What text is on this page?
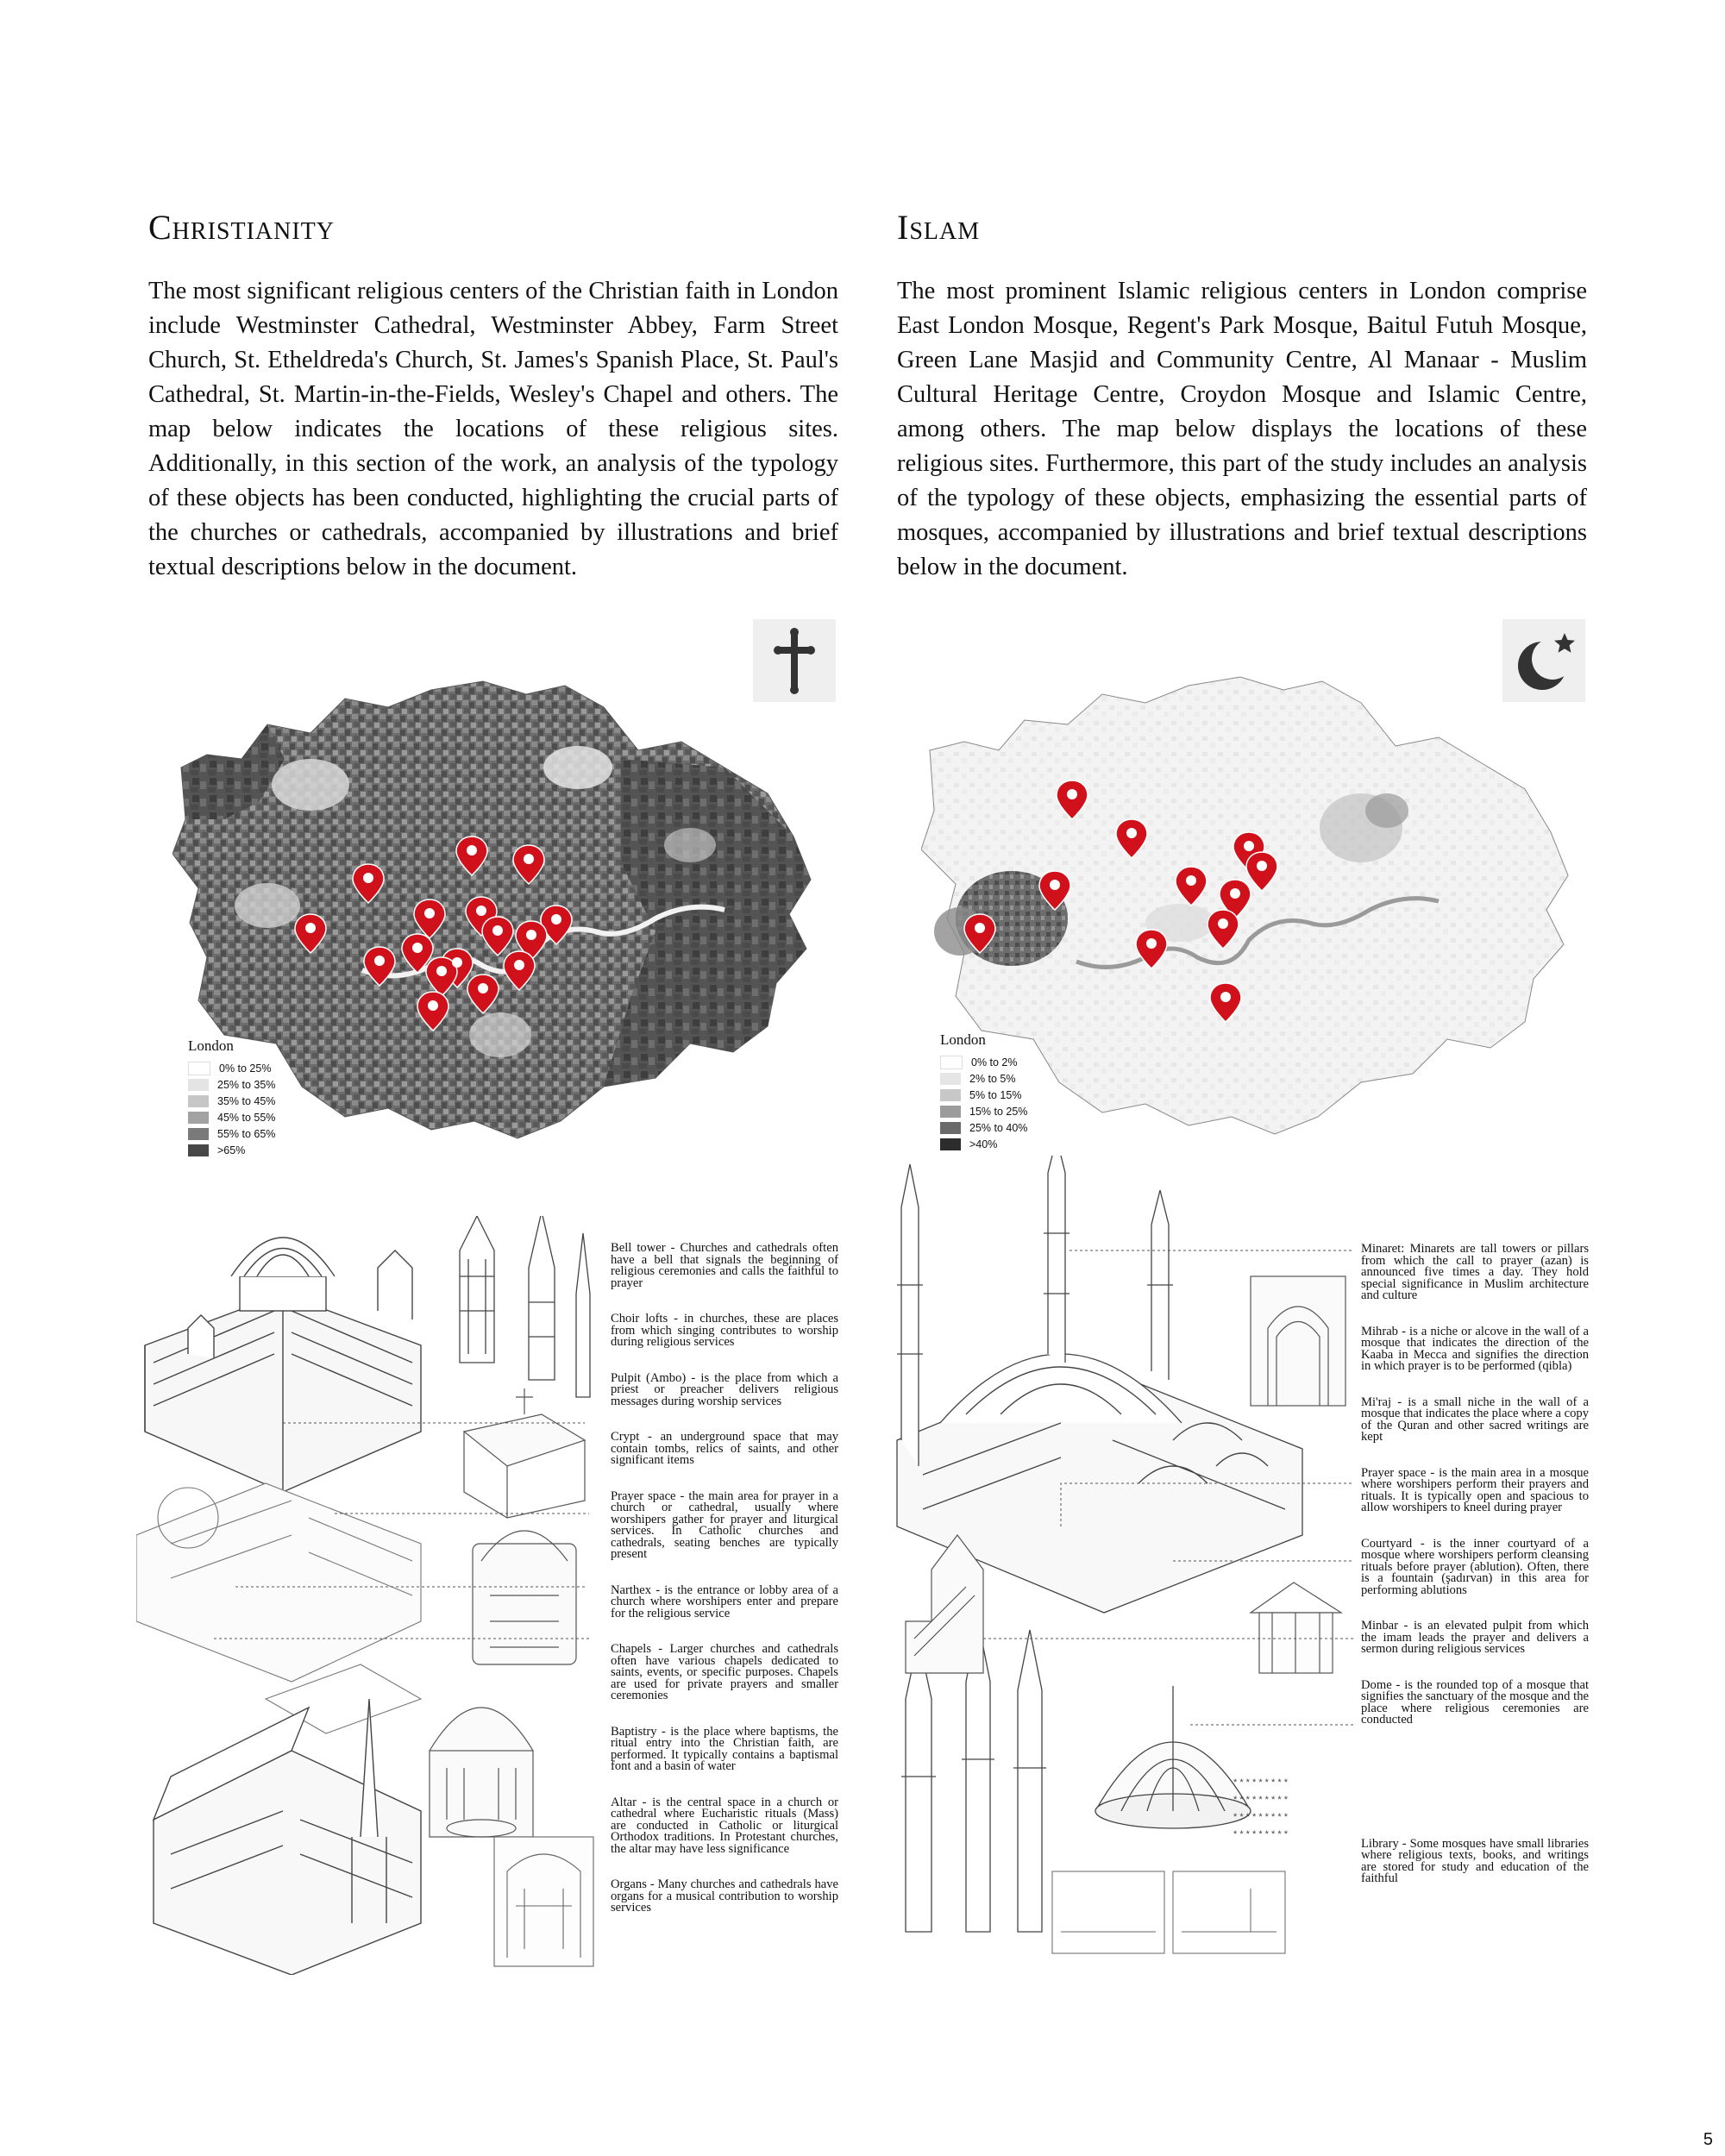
Christianity

The most significant religious centers of the Christian faith in London include Westminster Cathedral, Westminster Abbey, Farm Street Church, St. Etheldreda's Church, St. James's Spanish Place, St. Paul's Cathedral, St. Martin-in-the-Fields, Wesley's Chapel and others. The map below indicates the locations of these religious sites. Additionally, in this section of the work, an analysis of the typology of these objects has been conducted, highlighting the crucial parts of the churches or cathedrals, accompanied by illustrations and brief textual descriptions below in the document.

London
0% to 25%
25% to 35%
35% to 45%
45% to 55%
55% to 65%
>65%

Bell tower - Churches and cathedrals often have a bell that signals the beginning of religious ceremonies and calls the faithful to prayer

Choir lofts - in churches, these are places from which singing contributes to worship during religious services

Pulpit (Ambo) - is the place from which a priest or preacher delivers religious messages during worship services

Crypt - an underground space that may contain tombs, relics of saints, and other significant items

Prayer space - the main area for prayer in a church or cathedral, usually where worshipers gather for prayer and liturgical services. In Catholic churches and cathedrals, seating benches are typically present

Narthex - is the entrance or lobby area of a church where worshipers enter and prepare for the religious service

Chapels - Larger churches and cathedrals often have various chapels dedicated to saints, events, or specific purposes. Chapels are used for private prayers and smaller ceremonies

Baptistry - is the place where baptisms, the ritual entry into the Christian faith, are performed. It typically contains a baptismal font and a basin of water

Altar - is the central space in a church or cathedral where Eucharistic rituals (Mass) are conducted in Catholic or liturgical Orthodox traditions. In Protestant churches, the altar may have less significance

Organs - Many churches and cathedrals have organs for a musical contribution to worship services

Islam

The most prominent Islamic religious centers in London comprise East London Mosque, Regent's Park Mosque, Baitul Futuh Mosque, Green Lane Masjid and Community Centre, Al Manaar - Muslim Cultural Heritage Centre, Croydon Mosque and Islamic Centre, among others. The map below displays the locations of these religious sites. Furthermore, this part of the study includes an analysis of the typology of these objects, emphasizing the essential parts of mosques, accompanied by illustrations and brief textual descriptions below in the document.

London
0% to 2%
2% to 5%
5% to 15%
15% to 25%
25% to 40%
>40%
* * * * * * * * *
* * * * * * * * *
* * * * * * * * *
* * * * * * * * *

Minaret: Minarets are tall towers or pillars from which the call to prayer (azan) is announced five times a day. They hold special significance in Muslim architecture and culture

Mihrab - is a niche or alcove in the wall of a mosque that indicates the direction of the Kaaba in Mecca and signifies the direction in which prayer is to be performed (qibla)

Mi'raj - is a small niche in the wall of a mosque that indicates the place where a copy of the Quran and other sacred writings are kept

Prayer space - is the main area in a mosque where worshipers perform their prayers and rituals. It is typically open and spacious to allow worshipers to kneel during prayer

Courtyard - is the inner courtyard of a mosque where worshipers perform cleansing rituals before prayer (ablution). Often, there is a fountain (şadırvan) in this area for performing ablutions

Minbar - is an elevated pulpit from which the imam leads the prayer and delivers a sermon during religious services

Dome - is the rounded top of a mosque that signifies the sanctuary of the mosque and the place where religious ceremonies are conducted

Library - Some mosques have small libraries where religious texts, books, and writings are stored for study and education of the faithful

5
